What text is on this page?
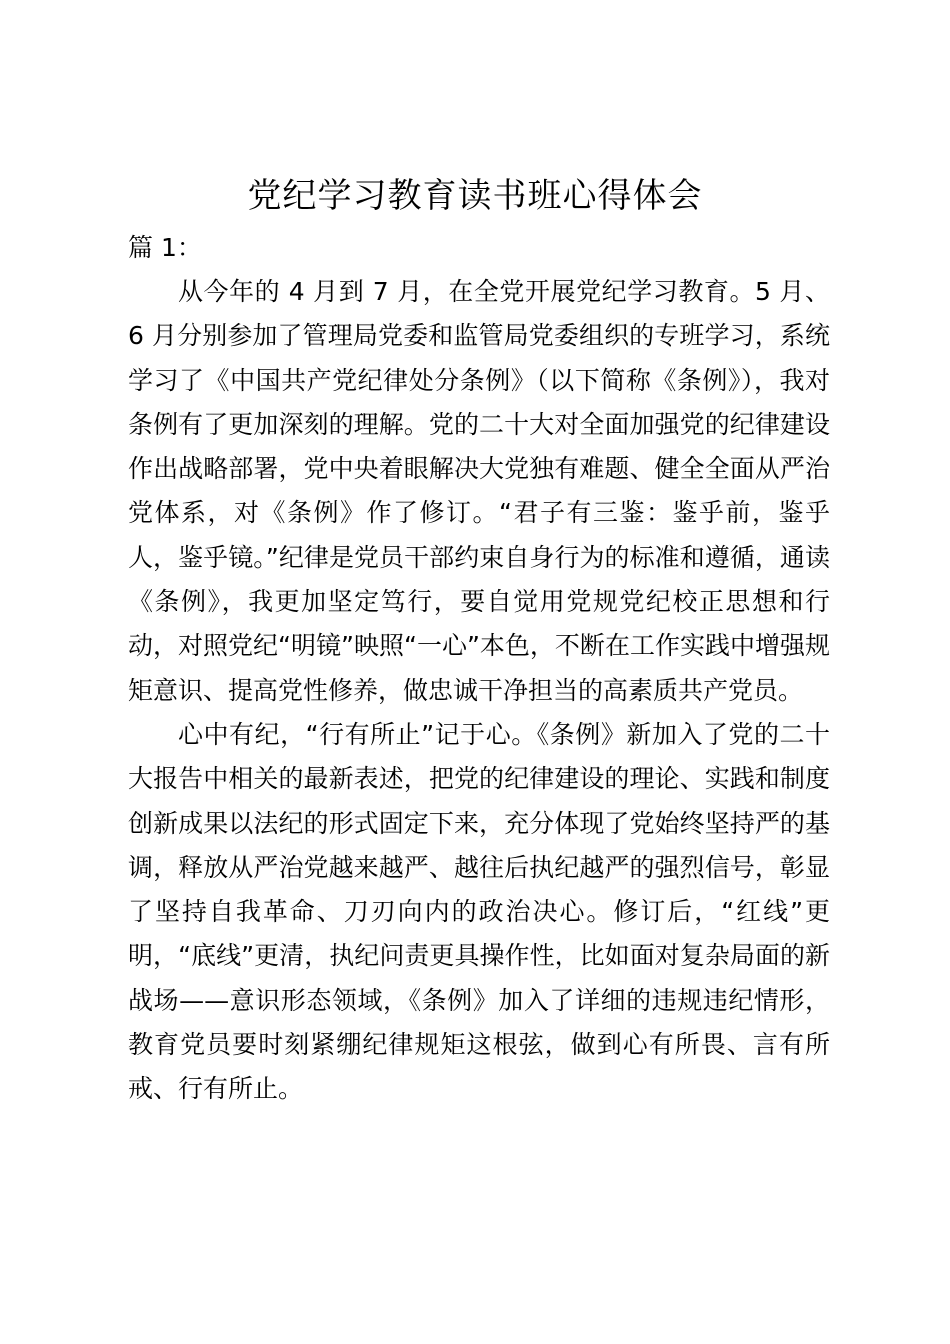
党纪学习教育读书班心得体会
篇 1：

从今年的 4 月到 7 月，在全党开展党纪学习教育。5 月、6 月分别参加了管理局党委和监管局党委组织的专班学习，系统学习了《中国共产党纪律处分条例》（以下简称《条例》），我对条例有了更加深刻的理解。党的二十大对全面加强党的纪律建设作出战略部署，党中央着眼解决大党独有难题、健全全面从严治党体系，对《条例》作了修订。“君子有三鉴：鉴乎前，鉴乎人，鉴乎镜。”纪律是党员干部约束自身行为的标准和遵循，通读《条例》，我更加坚定笃行，要自觉用党规党纪校正思想和行动，对照党纪“明镜”映照“一心”本色，不断在工作实践中增强规矩意识、提高党性修养，做忠诚干净担当的高素质共产党员。

心中有纪，“行有所止”记于心。《条例》新加入了党的二十大报告中相关的最新表述，把党的纪律建设的理论、实践和制度创新成果以法纪的形式固定下来，充分体现了党始终坚持严的基调，释放从严治党越来越严、越往后执纪越严的强烈信号，彰显了坚持自我革命、刀刃向内的政治决心。修订后，“红线”更明，“底线”更清，执纪问责更具操作性，比如面对复杂局面的新战场——意识形态领域，《条例》加入了详细的违规违纪情形，教育党员要时刻紧绷纪律规矩这根弦，做到心有所畏、言有所戒、行有所止。
